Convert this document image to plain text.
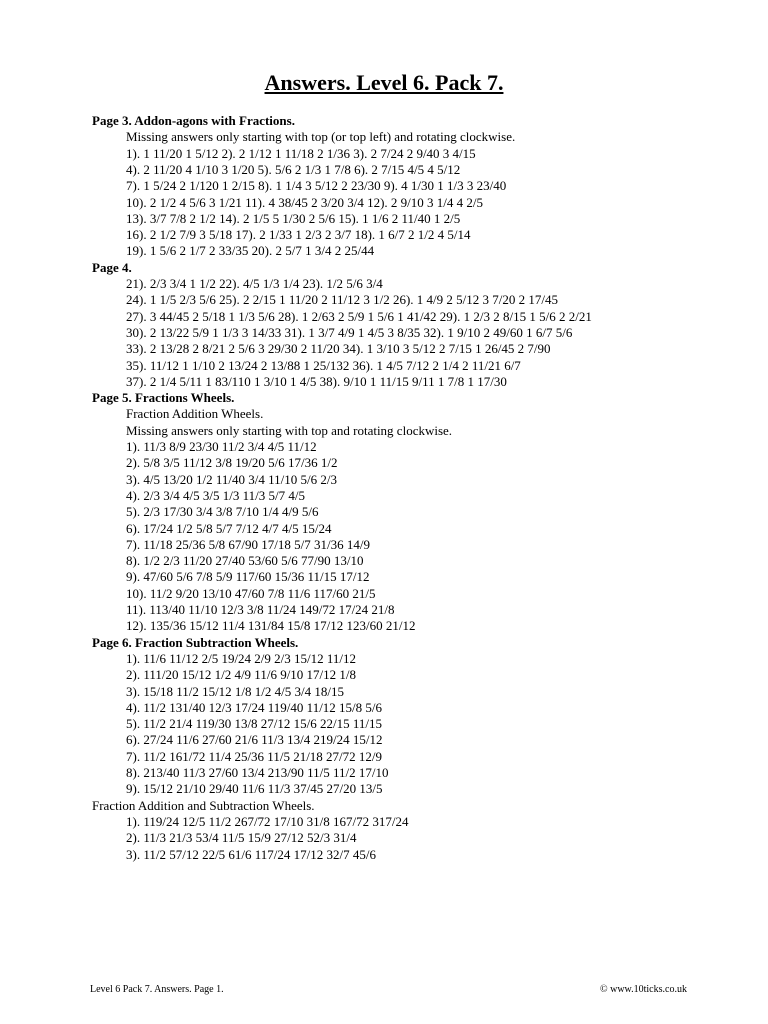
Answers. Level 6. Pack 7.
Page 3. Addon-agons with Fractions.
Missing answers only starting with top (or top left) and rotating clockwise.
1). 1 11/20 1 5/12 2). 2 1/12 1 11/18 2 1/36 3). 2 7/24 2 9/40 3 4/15
4). 2 11/20 4 1/10 3 1/20 5). 5/6 2 1/3 1 7/8 6). 2 7/15 4/5 4 5/12
7). 1 5/24 2 1/120 1 2/15 8). 1 1/4 3 5/12 2 23/30 9). 4 1/30 1 1/3 3 23/40
10). 2 1/2 4 5/6 3 1/21 11). 4 38/45 2 3/20 3/4 12). 2 9/10 3 1/4 4 2/5
13). 3/7 7/8 2 1/2 14). 2 1/5 5 1/30 2 5/6 15). 1 1/6 2 11/40 1 2/5
16). 2 1/2 7/9 3 5/18 17). 2 1/33 1 2/3 2 3/7 18). 1 6/7 2 1/2 4 5/14
19). 1 5/6 2 1/7 2 33/35 20). 2 5/7 1 3/4 2 25/44
Page 4.
21). 2/3 3/4 1 1/2 22). 4/5 1/3 1/4 23). 1/2 5/6 3/4
24). 1 1/5 2/3 5/6 25). 2 2/15 1 11/20 2 11/12 3 1/2 26). 1 4/9 2 5/12 3 7/20 2 17/45
27). 3 44/45 2 5/18 1 1/3 5/6 28). 1 2/63 2 5/9 1 5/6 1 41/42 29). 1 2/3 2 8/15 1 5/6 2 2/21
30). 2 13/22 5/9 1 1/3 3 14/33 31). 1 3/7 4/9 1 4/5 3 8/35 32). 1 9/10 2 49/60 1 6/7 5/6
33). 2 13/28 2 8/21 2 5/6 3 29/30 2 11/20 34). 1 3/10 3 5/12 2 7/15 1 26/45 2 7/90
35). 11/12 1 1/10 2 13/24 2 13/88 1 25/132 36). 1 4/5 7/12 2 1/4 2 11/21 6/7
37). 2 1/4 5/11 1 83/110 1 3/10 1 4/5 38). 9/10 1 11/15 9/11 1 7/8 1 17/30
Page 5. Fractions Wheels.
Fraction Addition Wheels.
Missing answers only starting with top and rotating clockwise.
1). 11/3 8/9 23/30 11/2 3/4 4/5 11/12
2). 5/8 3/5 11/12 3/8 19/20 5/6 17/36 1/2
3). 4/5 13/20 1/2 11/40 3/4 11/10 5/6 2/3
4). 2/3 3/4 4/5 3/5 1/3 11/3 5/7 4/5
5). 2/3 17/30 3/4 3/8 7/10 1/4 4/9 5/6
6). 17/24 1/2 5/8 5/7 7/12 4/7 4/5 15/24
7). 11/18 25/36 5/8 67/90 17/18 5/7 31/36 14/9
8). 1/2 2/3 11/20 27/40 53/60 5/6 77/90 13/10
9). 47/60 5/6 7/8 5/9 117/60 15/36 11/15 17/12
10). 11/2 9/20 13/10 47/60 7/8 11/6 117/60 21/5
11). 113/40 11/10 12/3 3/8 11/24 149/72 17/24 21/8
12). 135/36 15/12 11/4 131/84 15/8 17/12 123/60 21/12
Page 6. Fraction Subtraction Wheels.
1). 11/6 11/12 2/5 19/24 2/9 2/3 15/12 11/12
2). 111/20 15/12 1/2 4/9 11/6 9/10 17/12 1/8
3). 15/18 11/2 15/12 1/8 1/2 4/5 3/4 18/15
4). 11/2 131/40 12/3 17/24 119/40 11/12 15/8 5/6
5). 11/2 21/4 119/30 13/8 27/12 15/6 22/15 11/15
6). 27/24 11/6 27/60 21/6 11/3 13/4 219/24 15/12
7). 11/2 161/72 11/4 25/36 11/5 21/18 27/72 12/9
8). 213/40 11/3 27/60 13/4 213/90 11/5 11/2 17/10
9). 15/12 21/10 29/40 11/6 11/3 37/45 27/20 13/5
Fraction Addition and Subtraction Wheels.
1). 119/24 12/5 11/2 267/72 17/10 31/8 167/72 317/24
2). 11/3 21/3 53/4 11/5 15/9 27/12 52/3 31/4
3). 11/2 57/12 22/5 61/6 117/24 17/12 32/7 45/6
Level 6 Pack 7. Answers. Page 1.	© www.10ticks.co.uk
